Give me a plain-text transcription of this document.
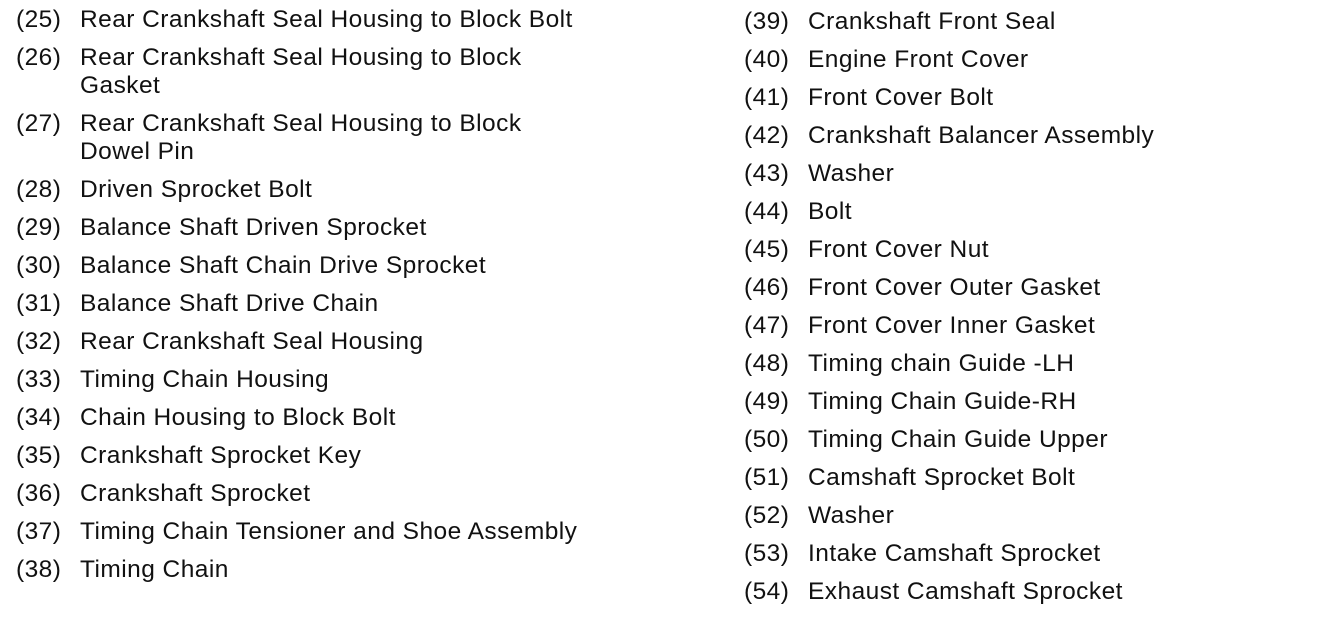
(25) Rear Crankshaft Seal Housing to Block Bolt
(26) Rear Crankshaft Seal Housing to Block
Gasket
(27) Rear Crankshaft Seal Housing to Block
Dowel Pin
(28) Driven Sprocket Bolt
(29) Balance Shaft Driven Sprocket
(30) Balance Shaft Chain Drive Sprocket
(31) Balance Shaft Drive Chain
(32) Rear Crankshaft Seal Housing
(33) Timing Chain Housing
(34) Chain Housing to Block Bolt
(35) Crankshaft Sprocket Key
(36) Crankshaft Sprocket
(37) Timing Chain Tensioner and Shoe Assembly
(38) Timing Chain
(39) Crankshaft Front Seal
(40) Engine Front Cover
(41) Front Cover Bolt
(42) Crankshaft Balancer Assembly
(43) Washer
(44) Bolt
(45) Front Cover Nut
(46) Front Cover Outer Gasket
(47) Front Cover Inner Gasket
(48) Timing chain Guide -LH
(49) Timing Chain Guide-RH
(50) Timing Chain Guide Upper
(51) Camshaft Sprocket Bolt
(52) Washer
(53) Intake Camshaft Sprocket
(54) Exhaust Camshaft Sprocket
